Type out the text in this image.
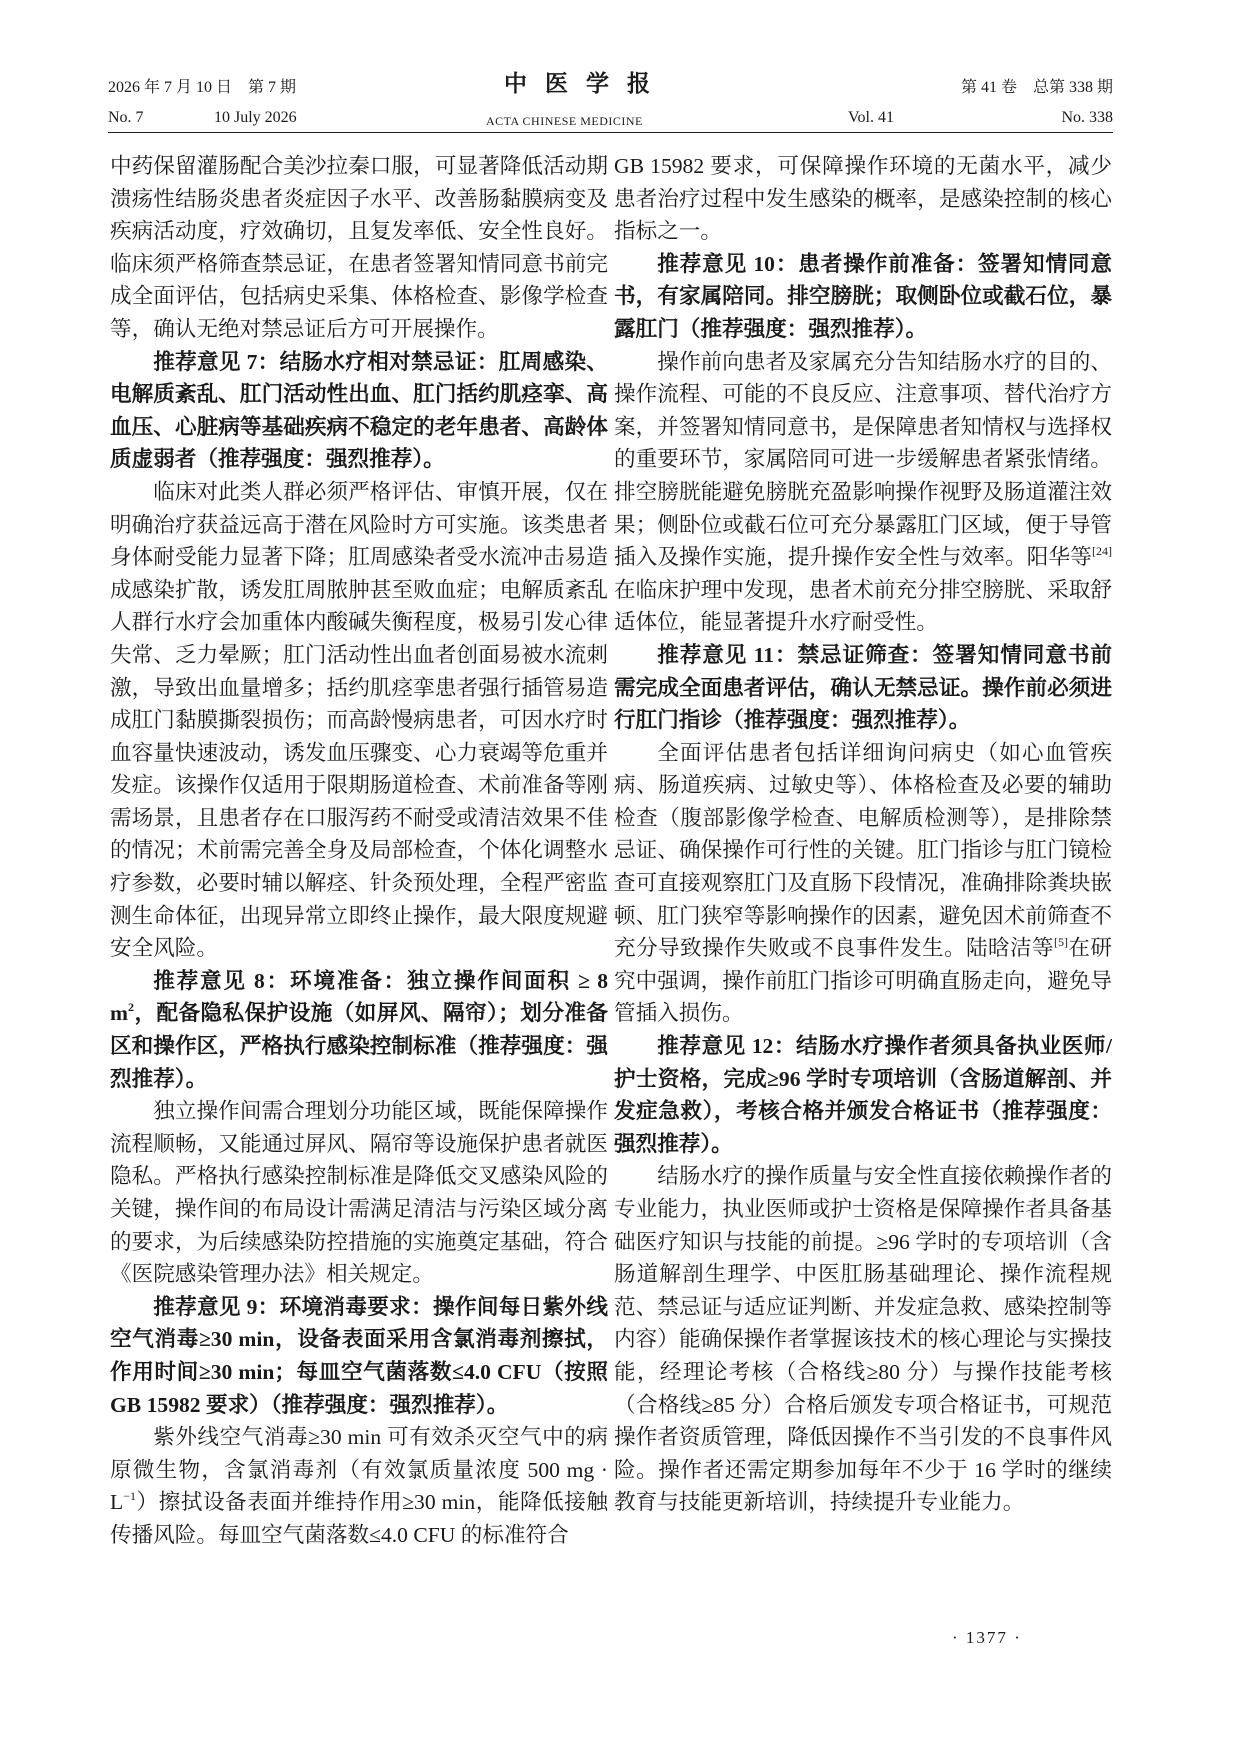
2026 年 7 月 10 日　第 7 期	中医学报	第 41 卷　总第 338 期
No. 7	10 July 2026	ACTA CHINESE MEDICINE	Vol. 41	No. 338

中药保留灌肠配合美沙拉秦口服，可显著降低活动期溃疡性结肠炎患者炎症因子水平、改善肠黏膜病变及疾病活动度，疗效确切，且复发率低、安全性良好。临床须严格筛查禁忌证，在患者签署知情同意书前完成全面评估，包括病史采集、体格检查、影像学检查等，确认无绝对禁忌证后方可开展操作。

推荐意见 7：结肠水疗相对禁忌证：肛周感染、电解质紊乱、肛门活动性出血、肛门括约肌痉挛、高血压、心脏病等基础疾病不稳定的老年患者、高龄体质虚弱者（推荐强度：强烈推荐）。

临床对此类人群必须严格评估、审慎开展，仅在明确治疗获益远高于潜在风险时方可实施。该类患者身体耐受能力显著下降；肛周感染者受水流冲击易造成感染扩散，诱发肛周脓肿甚至败血症；电解质紊乱人群行水疗会加重体内酸碱失衡程度，极易引发心律失常、乏力晕厥；肛门活动性出血者创面易被水流刺激，导致出血量增多；括约肌痉挛患者强行插管易造成肛门黏膜撕裂损伤；而高龄慢病患者，可因水疗时血容量快速波动，诱发血压骤变、心力衰竭等危重并发症。该操作仅适用于限期肠道检查、术前准备等刚需场景，且患者存在口服泻药不耐受或清洁效果不佳的情况；术前需完善全身及局部检查，个体化调整水疗参数，必要时辅以解痉、针灸预处理，全程严密监测生命体征，出现异常立即终止操作，最大限度规避安全风险。

推荐意见 8：环境准备：独立操作间面积 ≥ 8 $m^2$，配备隐私保护设施（如屏风、隔帘）；划分准备区和操作区，严格执行感染控制标准（推荐强度：强烈推荐）。

独立操作间需合理划分功能区域，既能保障操作流程顺畅，又能通过屏风、隔帘等设施保护患者就医隐私。严格执行感染控制标准是降低交叉感染风险的关键，操作间的布局设计需满足清洁与污染区域分离的要求，为后续感染防控措施的实施奠定基础，符合《医院感染管理办法》相关规定。

推荐意见 9：环境消毒要求：操作间每日紫外线空气消毒≥30 min，设备表面采用含氯消毒剂擦拭，作用时间≥30 min；每皿空气菌落数≤4.0 CFU（按照 GB 15982 要求）（推荐强度：强烈推荐）。

紫外线空气消毒≥30 min 可有效杀灭空气中的病原微生物，含氯消毒剂（有效氯质量浓度 500 mg · $L^{-1}$）擦拭设备表面并维持作用≥30 min，能降低接触传播风险。每皿空气菌落数≤4.0 CFU 的标准符合

GB 15982 要求，可保障操作环境的无菌水平，减少患者治疗过程中发生感染的概率，是感染控制的核心指标之一。

推荐意见 10：患者操作前准备：签署知情同意书，有家属陪同。排空膀胱；取侧卧位或截石位，暴露肛门（推荐强度：强烈推荐）。

操作前向患者及家属充分告知结肠水疗的目的、操作流程、可能的不良反应、注意事项、替代治疗方案，并签署知情同意书，是保障患者知情权与选择权的重要环节，家属陪同可进一步缓解患者紧张情绪。排空膀胱能避免膀胱充盈影响操作视野及肠道灌注效果；侧卧位或截石位可充分暴露肛门区域，便于导管插入及操作实施，提升操作安全性与效率。阳华等[24]在临床护理中发现，患者术前充分排空膀胱、采取舒适体位，能显著提升水疗耐受性。

推荐意见 11：禁忌证筛查：签署知情同意书前需完成全面患者评估，确认无禁忌证。操作前必须进行肛门指诊（推荐强度：强烈推荐）。

全面评估患者包括详细询问病史（如心血管疾病、肠道疾病、过敏史等）、体格检查及必要的辅助检查（腹部影像学检查、电解质检测等），是排除禁忌证、确保操作可行性的关键。肛门指诊与肛门镜检查可直接观察肛门及直肠下段情况，准确排除粪块嵌顿、肛门狭窄等影响操作的因素，避免因术前筛查不充分导致操作失败或不良事件发生。陆晗洁等[5]在研究中强调，操作前肛门指诊可明确直肠走向，避免导管插入损伤。

推荐意见 12：结肠水疗操作者须具备执业医师/护士资格，完成≥96 学时专项培训（含肠道解剖、并发症急救），考核合格并颁发合格证书（推荐强度：强烈推荐）。

结肠水疗的操作质量与安全性直接依赖操作者的专业能力，执业医师或护士资格是保障操作者具备基础医疗知识与技能的前提。≥96 学时的专项培训（含肠道解剖生理学、中医肛肠基础理论、操作流程规范、禁忌证与适应证判断、并发症急救、感染控制等内容）能确保操作者掌握该技术的核心理论与实操技能，经理论考核（合格线≥80 分）与操作技能考核（合格线≥85 分）合格后颁发专项合格证书，可规范操作者资质管理，降低因操作不当引发的不良事件风险。操作者还需定期参加每年不少于 16 学时的继续教育与技能更新培训，持续提升专业能力。

· 1377 ·
